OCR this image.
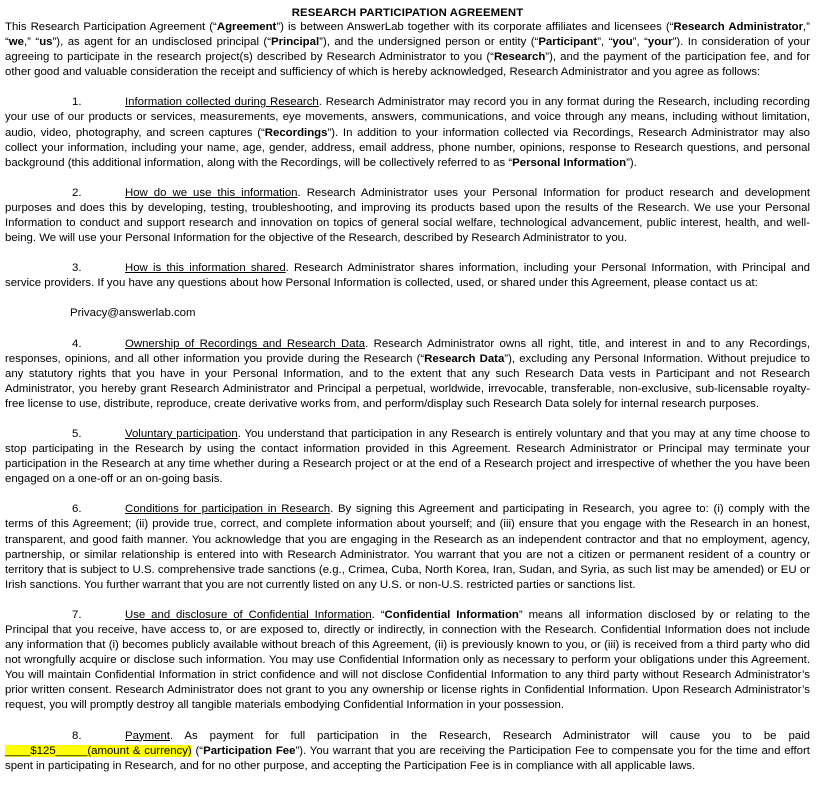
RESEARCH PARTICIPATION AGREEMENT

This Research Participation Agreement (“Agreement”) is between AnswerLab together with its corporate affiliates and licensees (“Research Administrator,” “we,” “us”), as agent for an undisclosed principal (“Principal”), and the undersigned person or entity (“Participant”, “you”, “your”). In consideration of your agreeing to participate in the research project(s) described by Research Administrator to you (“Research”), and the payment of the participation fee, and for other good and valuable consideration the receipt and sufficiency of which is hereby acknowledged, Research Administrator and you agree as follows:

1.	Information collected during Research. Research Administrator may record you in any format during the Research, including recording your use of our products or services, measurements, eye movements, answers, communications, and voice through any means, including without limitation, audio, video, photography, and screen captures (“Recordings”). In addition to your information collected via Recordings, Research Administrator may also collect your information, including your name, age, gender, address, email address, phone number, opinions, response to Research questions, and personal background (this additional information, along with the Recordings, will be collectively referred to as “Personal Information”).

2.	How do we use this information. Research Administrator uses your Personal Information for product research and development purposes and does this by developing, testing, troubleshooting, and improving its products based upon the results of the Research. We use your Personal Information to conduct and support research and innovation on topics of general social welfare, technological advancement, public interest, health, and well-being. We will use your Personal Information for the objective of the Research, described by Research Administrator to you.

3.	How is this information shared. Research Administrator shares information, including your Personal Information, with Principal and service providers. If you have any questions about how Personal Information is collected, used, or shared under this Agreement, please contact us at:

Privacy@answerlab.com

4.	Ownership of Recordings and Research Data. Research Administrator owns all right, title, and interest in and to any Recordings, responses, opinions, and all other information you provide during the Research (“Research Data”), excluding any Personal Information. Without prejudice to any statutory rights that you have in your Personal Information, and to the extent that any such Research Data vests in Participant and not Research Administrator, you hereby grant Research Administrator and Principal a perpetual, worldwide, irrevocable, transferable, non-exclusive, sub-licensable royalty-free license to use, distribute, reproduce, create derivative works from, and perform/display such Research Data solely for internal research purposes.

5.	Voluntary participation. You understand that participation in any Research is entirely voluntary and that you may at any time choose to stop participating in the Research by using the contact information provided in this Agreement. Research Administrator or Principal may terminate your participation in the Research at any time whether during a Research project or at the end of a Research project and irrespective of whether the you have been engaged on a one-off or an on-going basis.

6.	Conditions for participation in Research. By signing this Agreement and participating in Research, you agree to: (i) comply with the terms of this Agreement; (ii) provide true, correct, and complete information about yourself; and (iii) ensure that you engage with the Research in an honest, transparent, and good faith manner. You acknowledge that you are engaging in the Research as an independent contractor and that no employment, agency, partnership, or similar relationship is entered into with Research Administrator. You warrant that you are not a citizen or permanent resident of a country or territory that is subject to U.S. comprehensive trade sanctions (e.g., Crimea, Cuba, North Korea, Iran, Sudan, and Syria, as such list may be amended) or EU or Irish sanctions. You further warrant that you are not currently listed on any U.S. or non-U.S. restricted parties or sanctions list.

7.	Use and disclosure of Confidential Information. “Confidential Information” means all information disclosed by or relating to the Principal that you receive, have access to, or are exposed to, directly or indirectly, in connection with the Research. Confidential Information does not include any information that (i) becomes publicly available without breach of this Agreement, (ii) is previously known to you, or (iii) is received from a third party who did not wrongfully acquire or disclose such information. You may use Confidential Information only as necessary to perform your obligations under this Agreement. You will maintain Confidential Information in strict confidence and will not disclose Confidential Information to any third party without Research Administrator’s prior written consent. Research Administrator does not grant to you any ownership or license rights in Confidential Information. Upon Research Administrator’s request, you will promptly destroy all tangible materials embodying Confidential Information in your possession.

8.	Payment. As payment for full participation in the Research, Research Administrator will cause you to be paid ____$125_____(amount & currency) (“Participation Fee”). You warrant that you are receiving the Participation Fee to compensate you for the time and effort spent in participating in Research, and for no other purpose, and accepting the Participation Fee is in compliance with all applicable laws.
